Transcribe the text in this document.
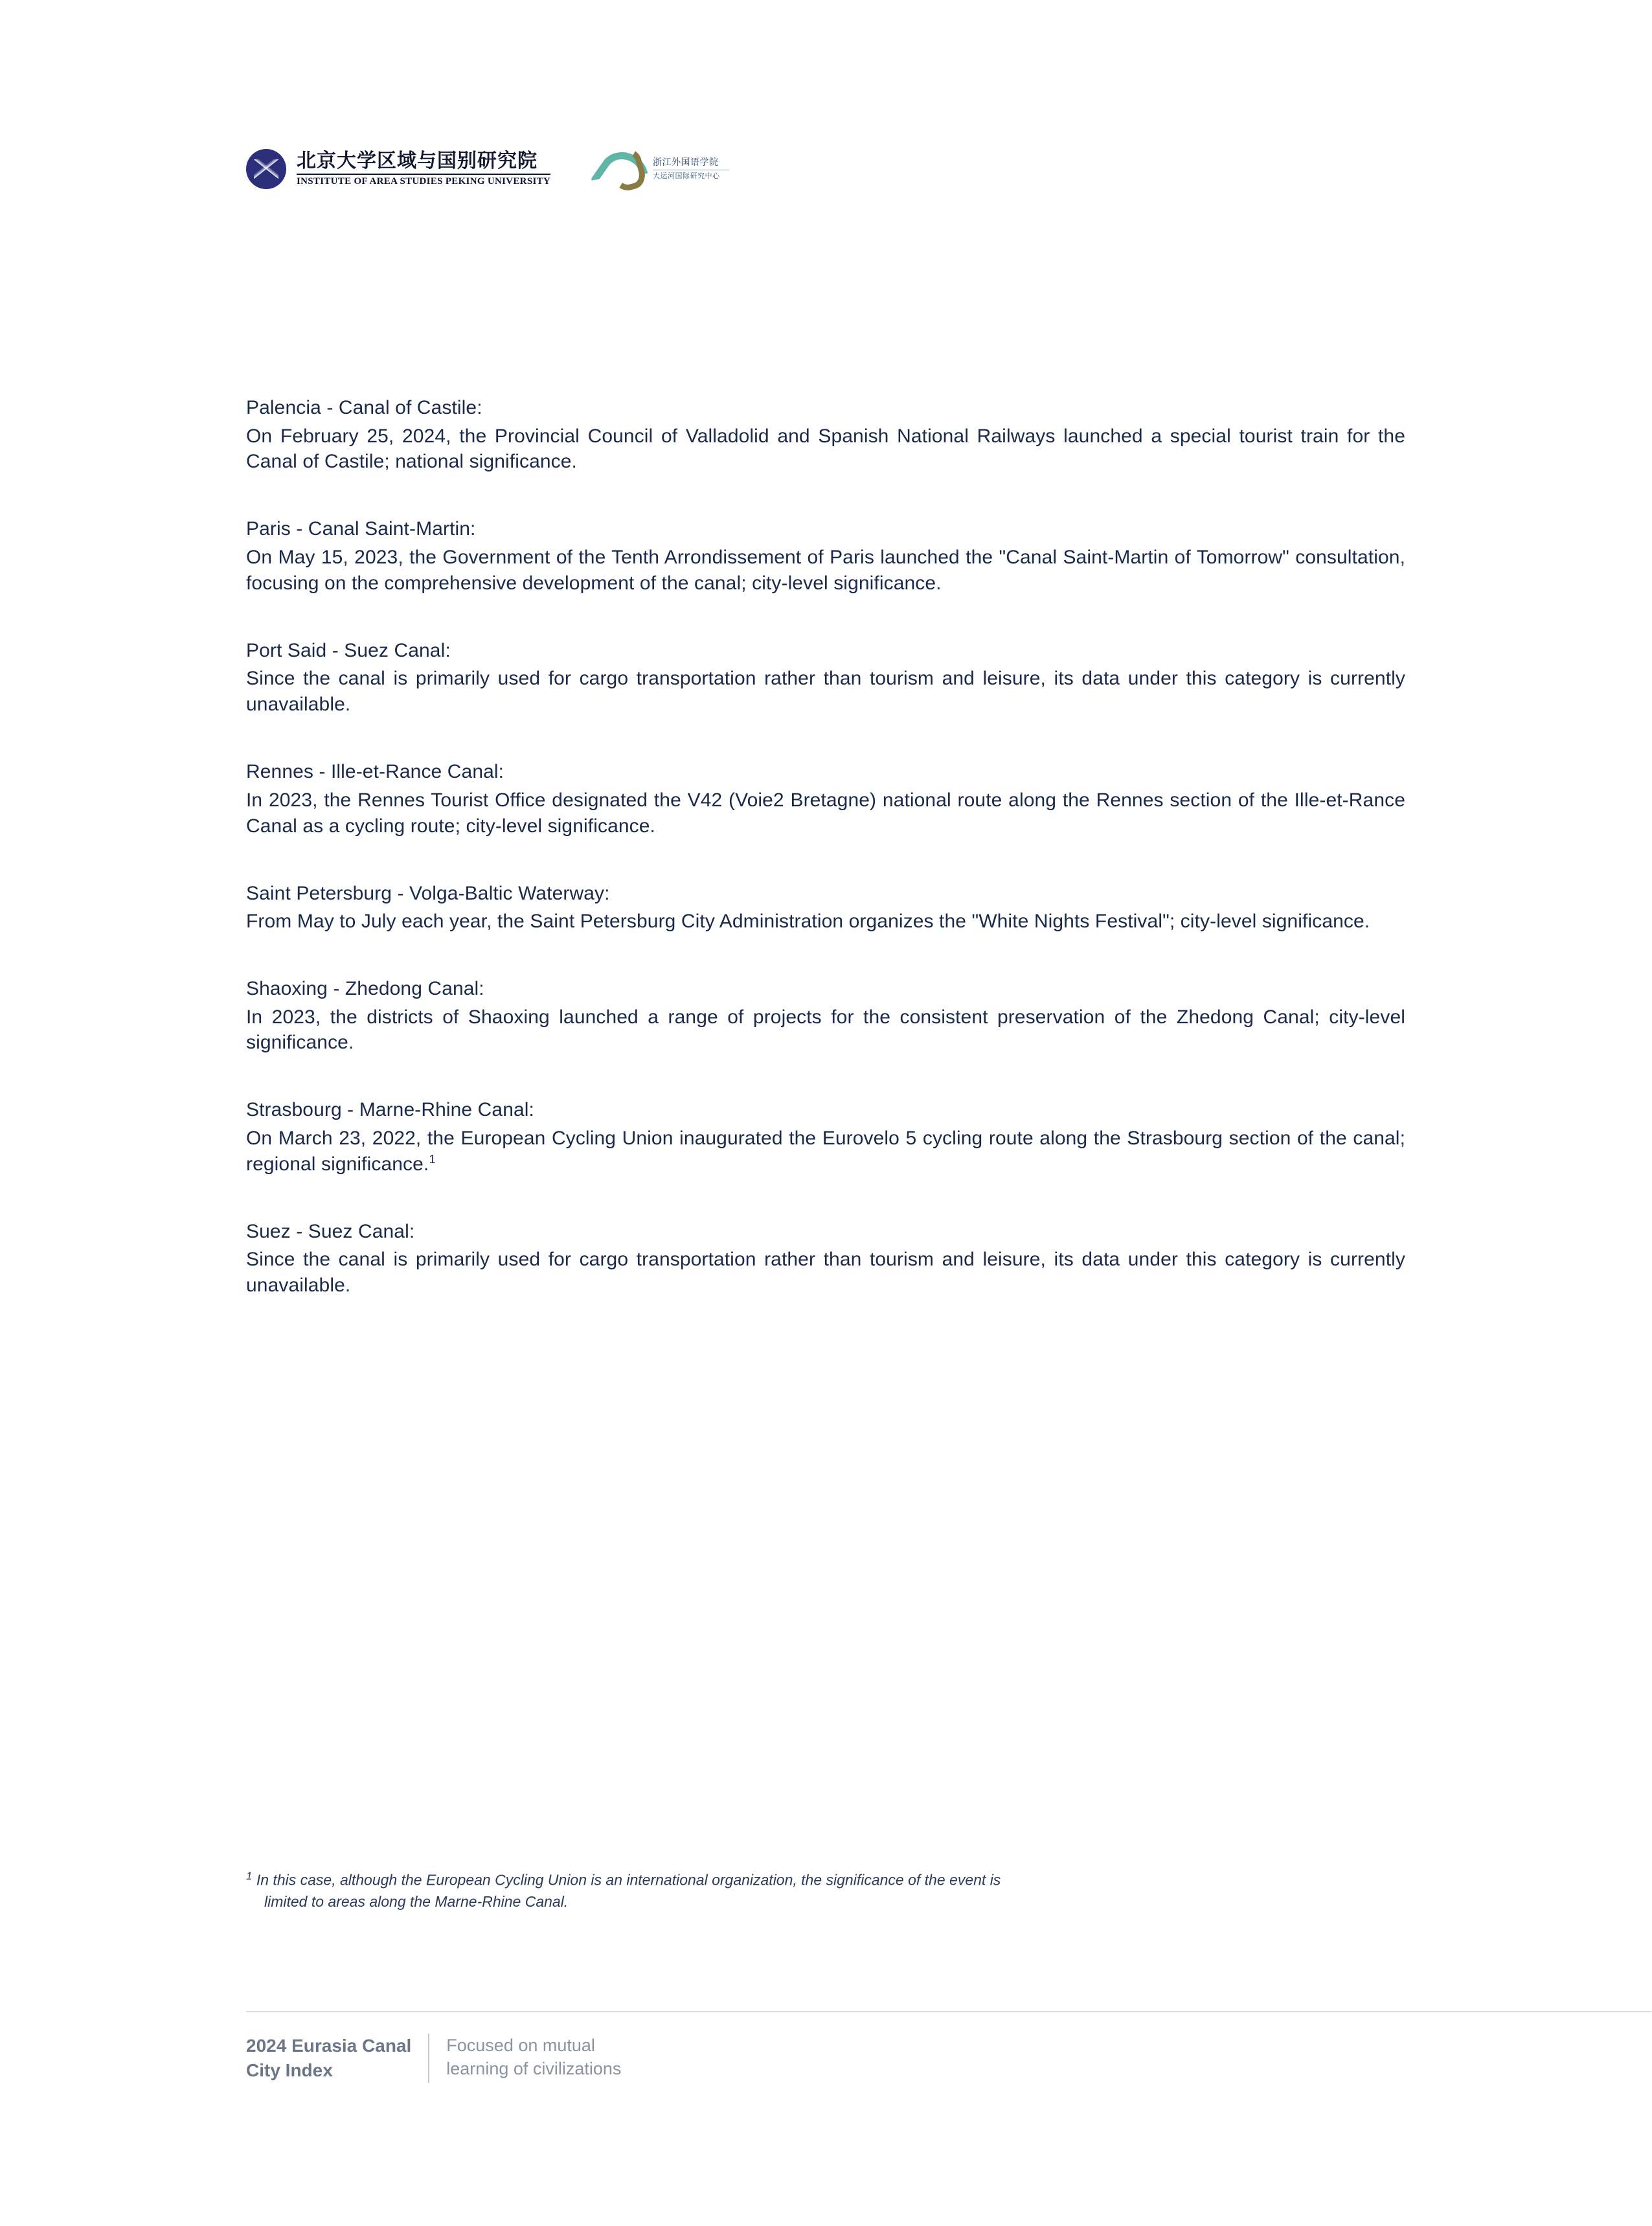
北京大学区域与国别研究院
INSTITUTE OF AREA STUDIES PEKING UNIVERSITY
浙江外国语学院
大运河国际研究中心
Palencia - Canal of Castile:
On February 25, 2024, the Provincial Council of Valladolid and Spanish National Railways launched a special tourist train for the Canal of Castile; national significance.
Paris - Canal Saint-Martin:
On May 15, 2023, the Government of the Tenth Arrondissement of Paris launched the "Canal Saint-Martin of Tomorrow" consultation, focusing on the comprehensive development of the canal; city-level significance.
Port Said - Suez Canal:
Since the canal is primarily used for cargo transportation rather than tourism and leisure, its data under this category is currently unavailable.
Rennes - Ille-et-Rance Canal:
In 2023, the Rennes Tourist Office designated the V42 (Voie2 Bretagne) national route along the Rennes section of the Ille-et-Rance Canal as a cycling route; city-level significance.
Saint Petersburg - Volga-Baltic Waterway:
From May to July each year, the Saint Petersburg City Administration organizes the "White Nights Festival"; city-level significance.
Shaoxing - Zhedong Canal:
In 2023, the districts of Shaoxing launched a range of projects for the consistent preservation of the Zhedong Canal; city-level significance.
Strasbourg - Marne-Rhine Canal:
On March 23, 2022, the European Cycling Union inaugurated the Eurovelo 5 cycling route along the Strasbourg section of the canal; regional significance.$^1$
Suez - Suez Canal:
Since the canal is primarily used for cargo transportation rather than tourism and leisure, its data under this category is currently unavailable.
$^1$ In this case, although the European Cycling Union is an international organization, the significance of the event is
limited to areas along the Marne-Rhine Canal.
2024 Eurasia Canal
City Index
Focused on mutual
learning of civilizations
